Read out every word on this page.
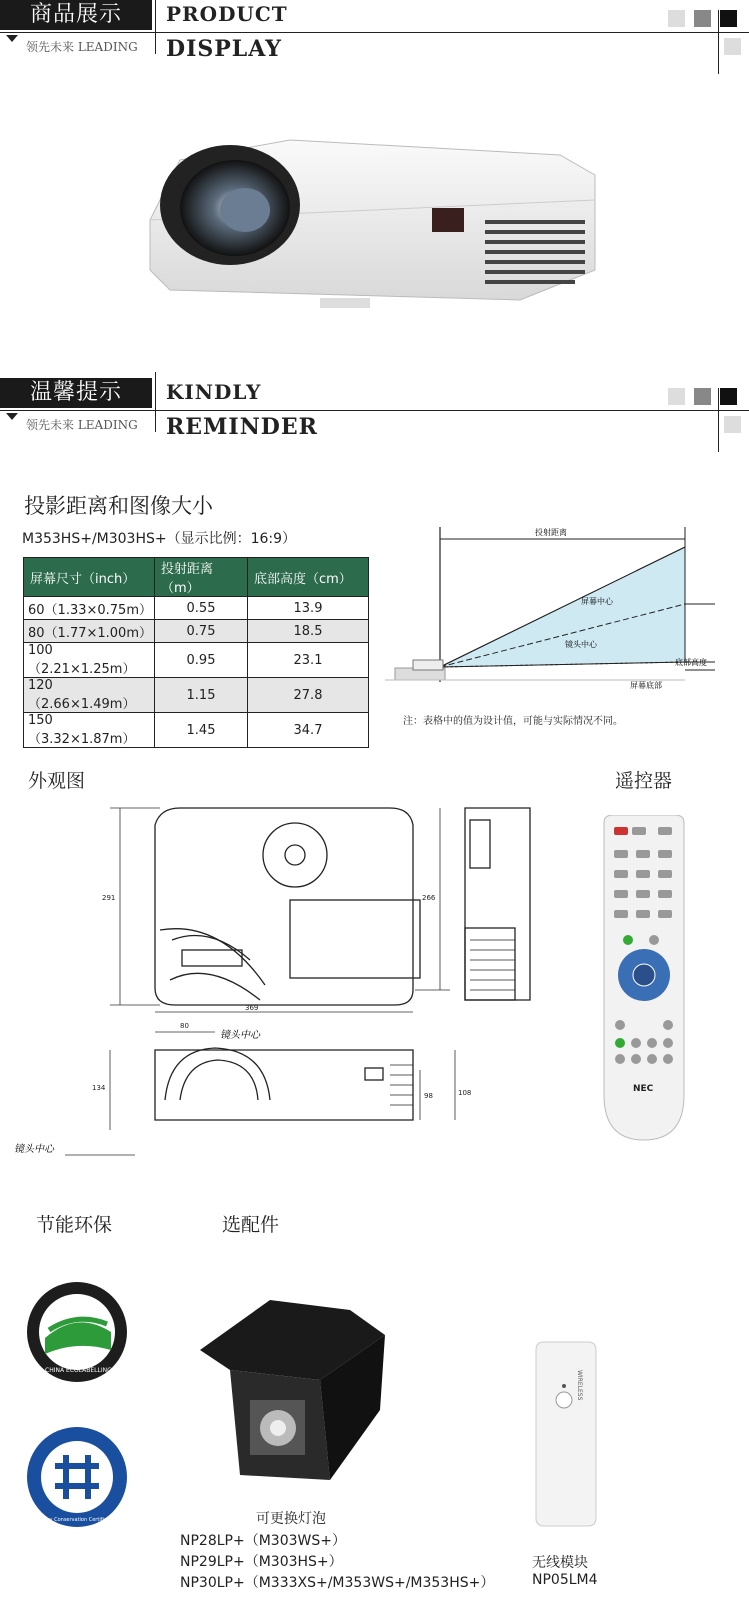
商品展示
领先未来 LEADING
PRODUCT
DISPLAY
温馨提示
领先未来 LEADING
KINDLY
REMINDER
投影距离和图像大小
M353HS+/M303HS+（显示比例：16:9）
屏幕尺寸（inch）	投射距离（m）	底部高度（cm）
60（1.33×0.75m）	0.55	13.9
80（1.77×1.00m）	0.75	18.5
100（2.21×1.25m）	0.95	23.1
120（2.66×1.49m）	1.15	27.8
150（3.32×1.87m）	1.45	34.7
投射距离
屏幕中心
镜头中心
底部高度
屏幕底部
注：表格中的值为设计值，可能与实际情况不同。
外观图	遥控器
291	266
369
80
134
98	108
镜头中心
镜头中心
NEC
节能环保	选配件
CHINA ECOLABELLING
Energy Conservation Certification	可更换灯泡
NP28LP+（M303WS+）
NP29LP+（M303HS+）
NP30LP+（M333XS+/M353WS+/M353HS+）
WIRELESS
无线模块
NP05LM4
